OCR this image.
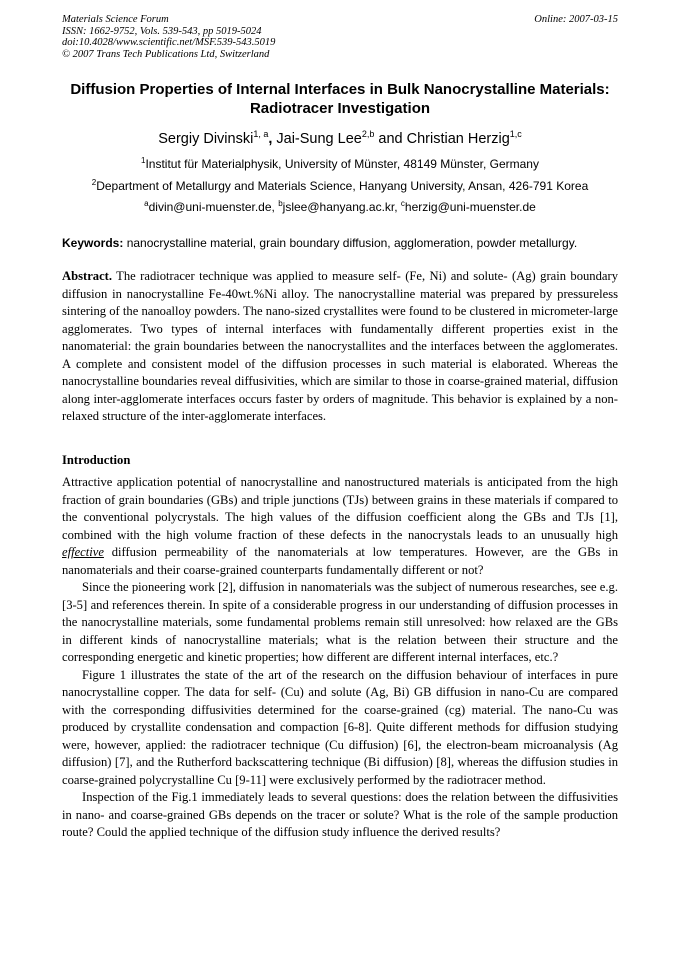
Materials Science Forum
ISSN: 1662-9752, Vols. 539-543, pp 5019-5024
doi:10.4028/www.scientific.net/MSF.539-543.5019
© 2007 Trans Tech Publications Ltd, Switzerland
Online: 2007-03-15
Diffusion Properties of Internal Interfaces in Bulk Nanocrystalline Materials: Radiotracer Investigation
Sergiy Divinski$^{1, a}$, Jai-Sung Lee$^{2,b}$ and Christian Herzig$^{1,c}$
$^1$Institut für Materialphysik, University of Münster, 48149 Münster, Germany
$^2$Department of Metallurgy and Materials Science, Hanyang University, Ansan, 426-791 Korea
$^a$divin@uni-muenster.de, $^b$jslee@hanyang.ac.kr, $^c$herzig@uni-muenster.de
Keywords: nanocrystalline material, grain boundary diffusion, agglomeration, powder metallurgy.
Abstract. The radiotracer technique was applied to measure self- (Fe, Ni) and solute- (Ag) grain boundary diffusion in nanocrystalline Fe-40wt.%Ni alloy. The nanocrystalline material was prepared by pressureless sintering of the nanoalloy powders. The nano-sized crystallites were found to be clustered in micrometer-large agglomerates. Two types of internal interfaces with fundamentally different properties exist in the nanomaterial: the grain boundaries between the nanocrystallites and the interfaces between the agglomerates. A complete and consistent model of the diffusion processes in such material is elaborated. Whereas the nanocrystalline boundaries reveal diffusivities, which are similar to those in coarse-grained material, diffusion along inter-agglomerate interfaces occurs faster by orders of magnitude. This behavior is explained by a non-relaxed structure of the inter-agglomerate interfaces.
Introduction

Attractive application potential of nanocrystalline and nanostructured materials is anticipated from the high fraction of grain boundaries (GBs) and triple junctions (TJs) between grains in these materials if compared to the conventional polycrystals. The high values of the diffusion coefficient along the GBs and TJs [1], combined with the high volume fraction of these defects in the nanocrystals leads to an unusually high effective diffusion permeability of the nanomaterials at low temperatures. However, are the GBs in nanomaterials and their coarse-grained counterparts fundamentally different or not?

Since the pioneering work [2], diffusion in nanomaterials was the subject of numerous researches, see e.g. [3-5] and references therein. In spite of a considerable progress in our understanding of diffusion processes in the nanocrystalline materials, some fundamental problems remain still unresolved: how relaxed are the GBs in different kinds of nanocrystalline materials; what is the relation between their structure and the corresponding energetic and kinetic properties; how different are different internal interfaces, etc.?

Figure 1 illustrates the state of the art of the research on the diffusion behaviour of interfaces in pure nanocrystalline copper. The data for self- (Cu) and solute (Ag, Bi) GB diffusion in nano-Cu are compared with the corresponding diffusivities determined for the coarse-grained (cg) material. The nano-Cu was produced by crystallite condensation and compaction [6-8]. Quite different methods for diffusion studying were, however, applied: the radiotracer technique (Cu diffusion) [6], the electron-beam microanalysis (Ag diffusion) [7], and the Rutherford backscattering technique (Bi diffusion) [8], whereas the diffusion studies in coarse-grained polycrystalline Cu [9-11] were exclusively performed by the radiotracer method.

Inspection of the Fig.1 immediately leads to several questions: does the relation between the diffusivities in nano- and coarse-grained GBs depends on the tracer or solute? What is the role of the sample production route? Could the applied technique of the diffusion study influence the derived results?
